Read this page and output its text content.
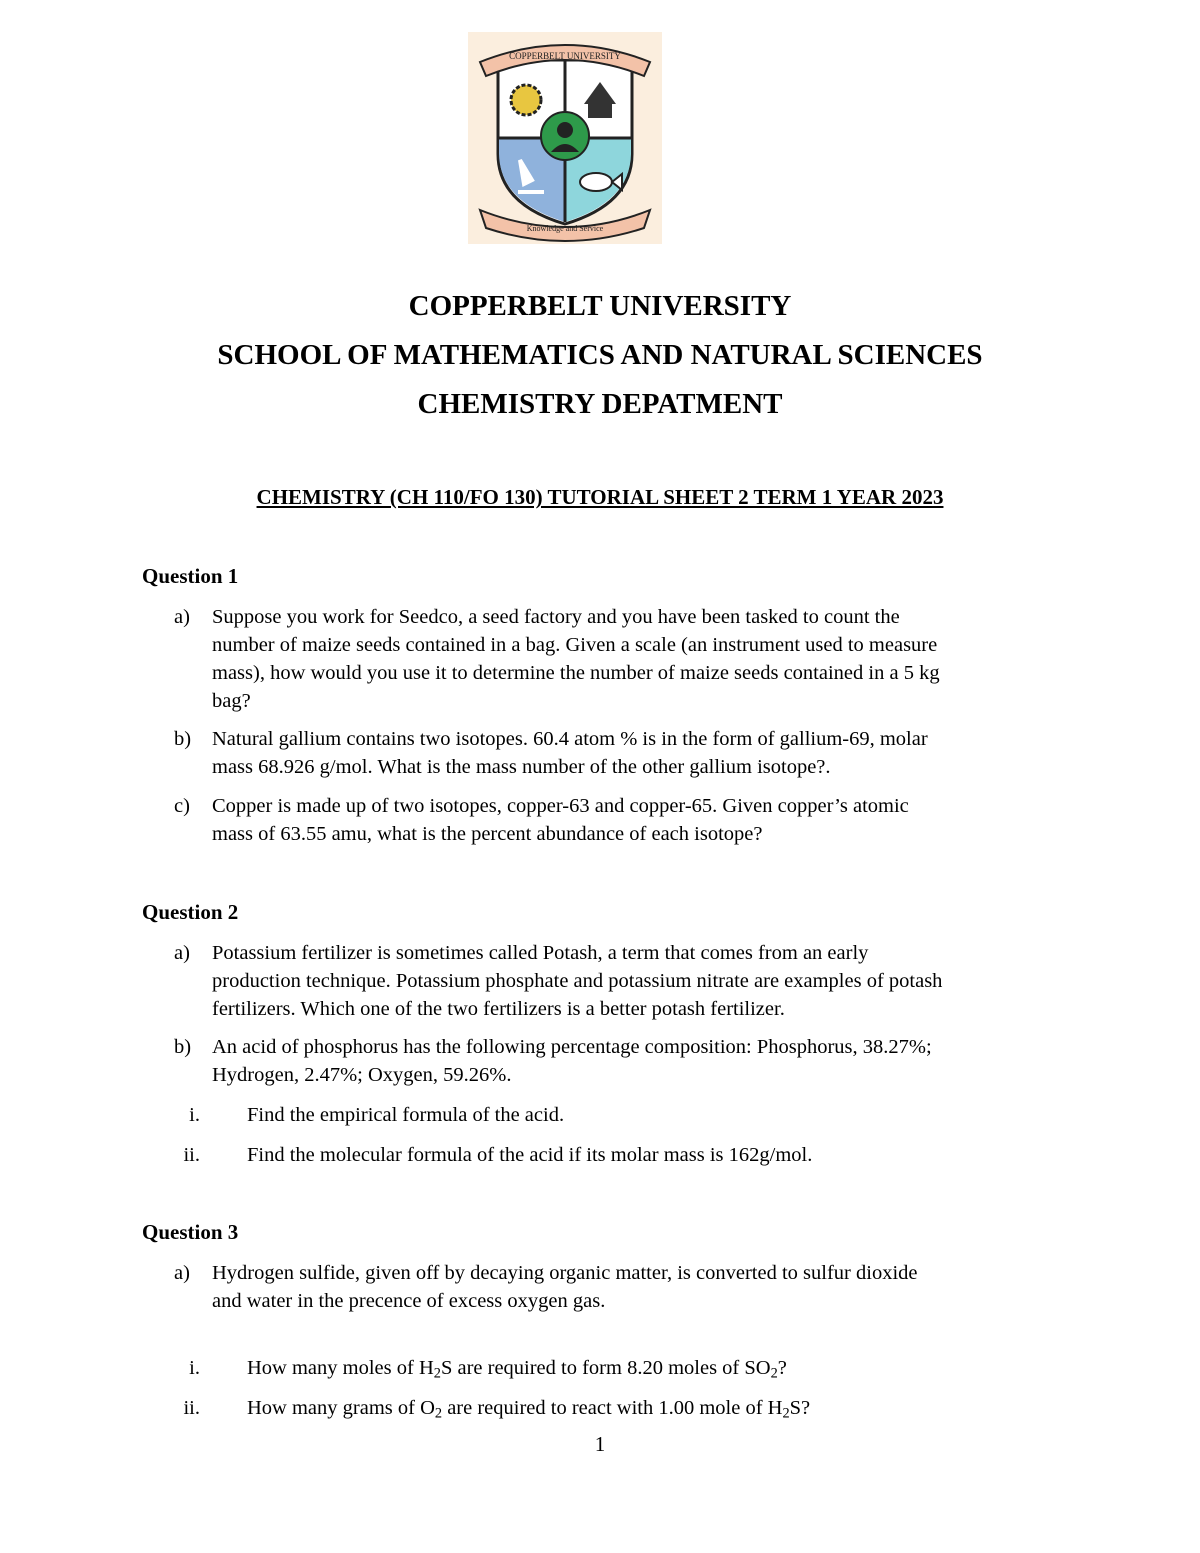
COPPERBELT UNIVERSITY
Knowledge and Service
COPPERBELT UNIVERSITY
SCHOOL OF MATHEMATICS AND NATURAL SCIENCES
CHEMISTRY DEPATMENT
CHEMISTRY (CH 110/FO 130) TUTORIAL SHEET 2 TERM 1 YEAR 2023
Question 1
a) Suppose you work for Seedco, a seed factory and you have been tasked to count the
number of maize seeds contained in a bag. Given a scale (an instrument used to measure
mass), how would you use it to determine the number of maize seeds contained in a 5 kg
bag?
b) Natural gallium contains two isotopes. 60.4 atom % is in the form of gallium-69, molar
mass 68.926 g/mol. What is the mass number of the other gallium isotope?.
c) Copper is made up of two isotopes, copper-63 and copper-65. Given copper’s atomic
mass of 63.55 amu, what is the percent abundance of each isotope?
Question 2
a) Potassium fertilizer is sometimes called Potash, a term that comes from an early
production technique. Potassium phosphate and potassium nitrate are examples of potash
fertilizers. Which one of the two fertilizers is a better potash fertilizer.
b) An acid of phosphorus has the following percentage composition: Phosphorus, 38.27%;
Hydrogen, 2.47%; Oxygen, 59.26%.
i. Find the empirical formula of the acid.
ii. Find the molecular formula of the acid if its molar mass is 162g/mol.
Question 3
a) Hydrogen sulfide, given off by decaying organic matter, is converted to sulfur dioxide
and water in the precence of excess oxygen gas.
i. How many moles of $H_2S$ are required to form 8.20 moles of $SO_2$?
ii. How many grams of $O_2$ are required to react with 1.00 mole of $H_2S$?
1
